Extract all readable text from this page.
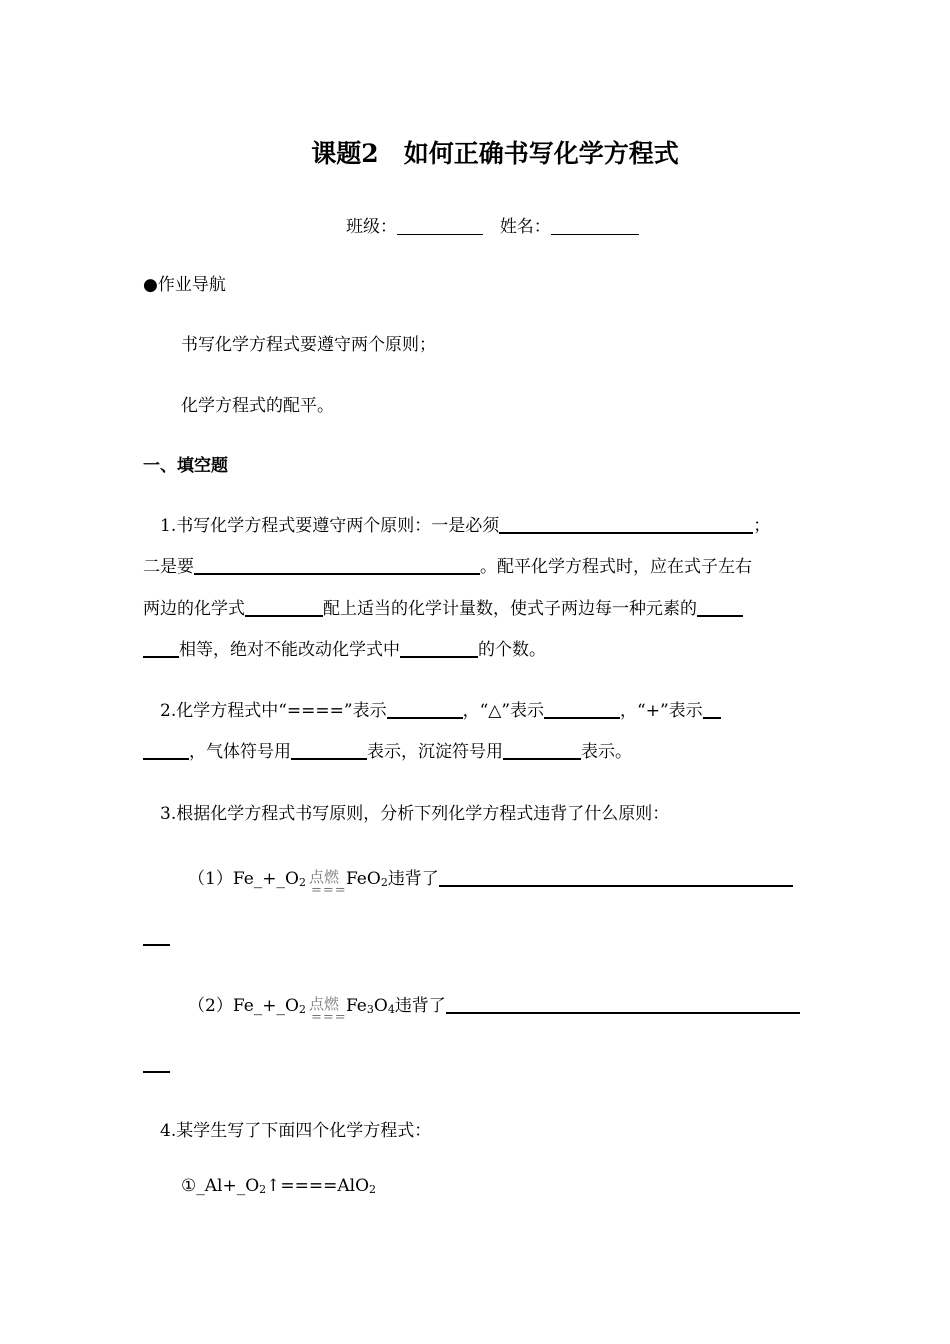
课题2　如何正确书写化学方程式
班级：	姓名：
●作业导航
书写化学方程式要遵守两个原则；
化学方程式的配平。
一、填空题
1.书写化学方程式要遵守两个原则：一是必须	；
二是要	。配平化学方程式时，应在式子左右
两边的化学式	配上适当的化学计量数，使式子两边每一种元素的
相等，绝对不能改动化学式中	的个数。
2.化学方程式中“====”表示	，“△”表示	，“+”表示
，气体符号用	表示，沉淀符号用	表示。
3.根据化学方程式书写原则，分析下列化学方程式违背了什么原则：
$(1)Fe\_+\_O_2$ 点燃
===
FeO$_2$违背了
$(2)Fe\_+\_O_2$ 点燃
===
$Fe_3O_4$违背了
4.某学生写了下面四个化学方程式：
$①\_Al+\_O_2↑====AlO_2$
